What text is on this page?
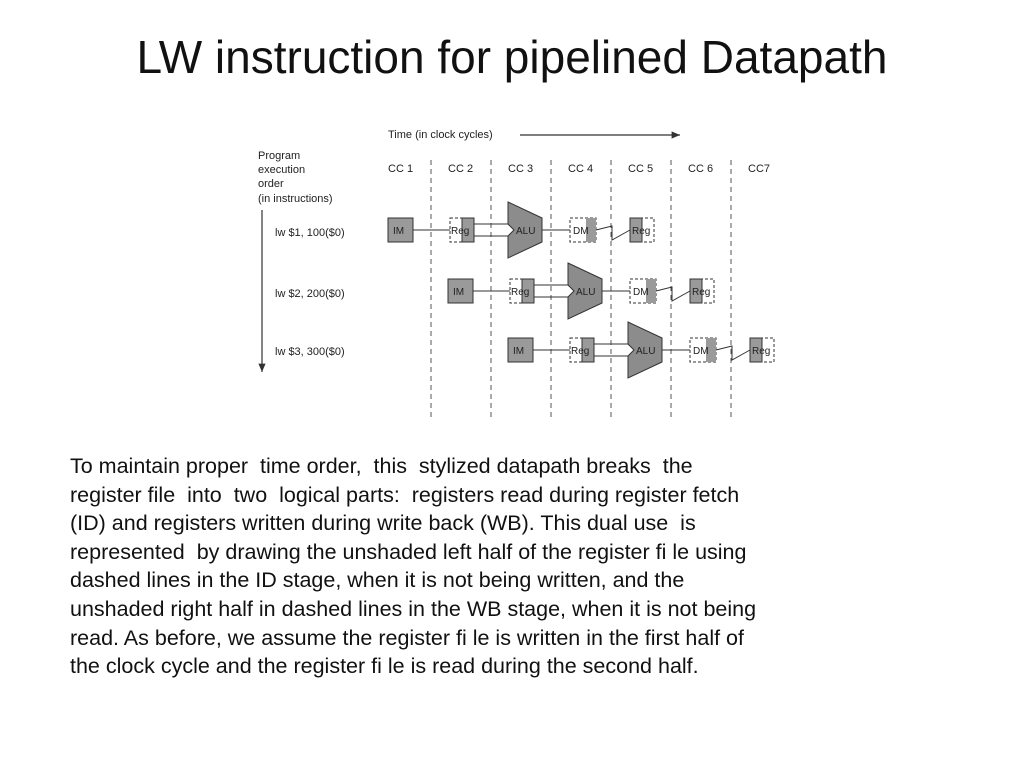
LW instruction for pipelined Datapath
Time (in clock cycles)
Program
execution
order
(in instructions)
CC 1	CC 2	CC 3	CC 4	CC 5	CC 6	CC7
lw $1, 100($0)
lw $2, 200($0)
lw $3, 300($0)
IM	Reg	ALU	DM	Reg
IM	Reg	ALU	DM	Reg
IM	Reg	ALU	DM	Reg
To maintain proper  time order,  this  stylized datapath breaks  the
register file  into  two  logical parts:  registers read during register fetch
(ID) and registers written during write back (WB). This dual use  is
represented  by drawing the unshaded left half of the register fi le using
dashed lines in the ID stage, when it is not being written, and the
unshaded right half in dashed lines in the WB stage, when it is not being
read. As before, we assume the register fi le is written in the first half of
the clock cycle and the register fi le is read during the second half.
